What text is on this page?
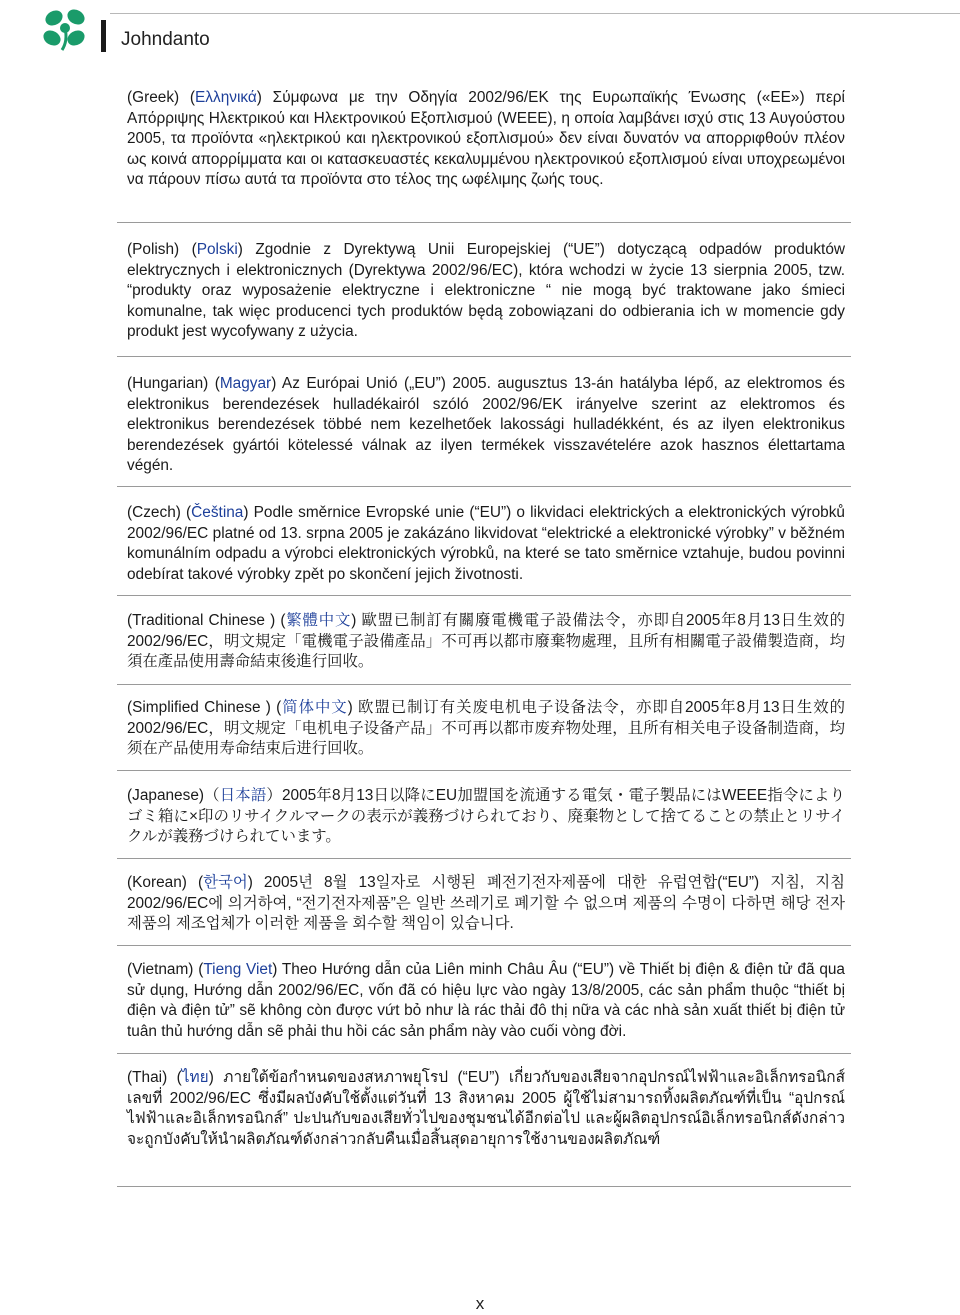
Johndanto
(Greek) (Ελληνικά) Σύμφωνα με την Οδηγία 2002/96/ΕΚ της Ευρωπαϊκής Ένωσης («ΕΕ») περί Απόρριψης Ηλεκτρικού και Ηλεκτρονικού Εξοπλισμού (WEEE), η οποία λαμβάνει ισχύ στις 13 Αυγούστου 2005, τα προϊόντα «ηλεκτρικού και ηλεκτρονικού εξοπλισμού» δεν είναι δυνατόν να απορριφθούν πλέον ως κοινά απορρίμματα και οι κατασκευαστές κεκαλυμμένου ηλεκτρονικού εξοπλισμού είναι υποχρεωμένοι να πάρουν πίσω αυτά τα προϊόντα στο τέλος της ωφέλιμης ζωής τους.
(Polish) (Polski) Zgodnie z Dyrektywą Unii Europejskiej (“UE”) dotyczącą odpadów produktów elektrycznych i elektronicznych (Dyrektywa 2002/96/EC), która wchodzi w życie 13 sierpnia 2005, tzw. “produkty oraz wyposażenie elektryczne i elektroniczne “ nie mogą być traktowane jako śmieci komunalne, tak więc producenci tych produktów będą zobowiązani do odbierania ich w momencie gdy produkt jest wycofywany z użycia.
(Hungarian) (Magyar) Az Európai Unió („EU”) 2005. augusztus 13-án hatályba lépő, az elektromos és elektronikus berendezések hulladékairól szóló 2002/96/EK irányelve szerint az elektromos és elektronikus berendezések többé nem kezelhetőek lakossági hulladékként, és az ilyen elektronikus berendezések gyártói kötelessé válnak az ilyen termékek visszavételére azok hasznos élettartama végén.
(Czech) (Čeština) Podle směrnice Evropské unie (“EU”) o likvidaci elektrických a elektronických výrobků 2002/96/EC platné od 13. srpna 2005 je zakázáno likvidovat “elektrické a elektronické výrobky” v běžném komunálním odpadu a výrobci elektronických výrobků, na které se tato směrnice vztahuje, budou povinni odebírat takové výrobky zpět po skončení jejich životnosti.
(Traditional Chinese ) (繁體中文) 歐盟已制訂有關廢電機電子設備法令，亦即自2005年8月13日生效的2002/96/EC，明文規定「電機電子設備產品」不可再以都市廢棄物處理，且所有相關電子設備製造商，均須在產品使用壽命結束後進行回收。
(Simplified Chinese ) (简体中文) 欧盟已制订有关废电机电子设备法令，亦即自2005年8月13日生效的2002/96/EC，明文规定「电机电子设备产品」不可再以都市废弃物处理，且所有相关电子设备制造商，均须在产品使用寿命结束后进行回收。
(Japanese)（日本語）2005年8月13日以降にEU加盟国を流通する電気・電子製品にはWEEE指令によりゴミ箱に×印のリサイクルマークの表示が義務づけられており、廃棄物として捨てることの禁止とリサイクルが義務づけられています。
(Korean) (한국어) 2005년 8월 13일자로 시행된 폐전기전자제품에 대한 유럽연합(“EU”) 지침, 지침 2002/96/EC에 의거하여, “전기전자제품”은 일반 쓰레기로 폐기할 수 없으며 제품의 수명이 다하면 해당 전자제품의 제조업체가 이러한 제품을 회수할 책임이 있습니다.
(Vietnam) (Tieng Viet) Theo Hướng dẫn của Liên minh Châu Âu (“EU”) về Thiết bị điện & điện tử đã qua sử dụng, Hướng dẫn 2002/96/EC, vốn đã có hiệu lực vào ngày 13/8/2005, các sản phẩm thuộc “thiết bị điện và điện tử” sẽ không còn được vứt bỏ như là rác thải đô thị nữa và các nhà sản xuất thiết bị điện tử tuân thủ hướng dẫn sẽ phải thu hồi các sản phẩm này vào cuối vòng đời.
(Thai) (ไทย) ภายใต้ข้อกำหนดของสหภาพยุโรป (“EU”) เกี่ยวกับของเสียจากอุปกรณ์ไฟฟ้าและอิเล็กทรอนิกส์ เลขที่ 2002/96/EC ซึ่งมีผลบังคับใช้ตั้งแต่วันที่ 13 สิงหาคม 2005 ผู้ใช้ไม่สามารถทิ้งผลิตภัณฑ์ที่เป็น “อุปกรณ์ไฟฟ้าและอิเล็กทรอนิกส์” ปะปนกับของเสียทั่วไปของชุมชนได้อีกต่อไป และผู้ผลิตอุปกรณ์อิเล็กทรอนิกส์ดังกล่าวจะถูกบังคับให้นำผลิตภัณฑ์ดังกล่าวกลับคืนเมื่อสิ้นสุดอายุการใช้งานของผลิตภัณฑ์
x
